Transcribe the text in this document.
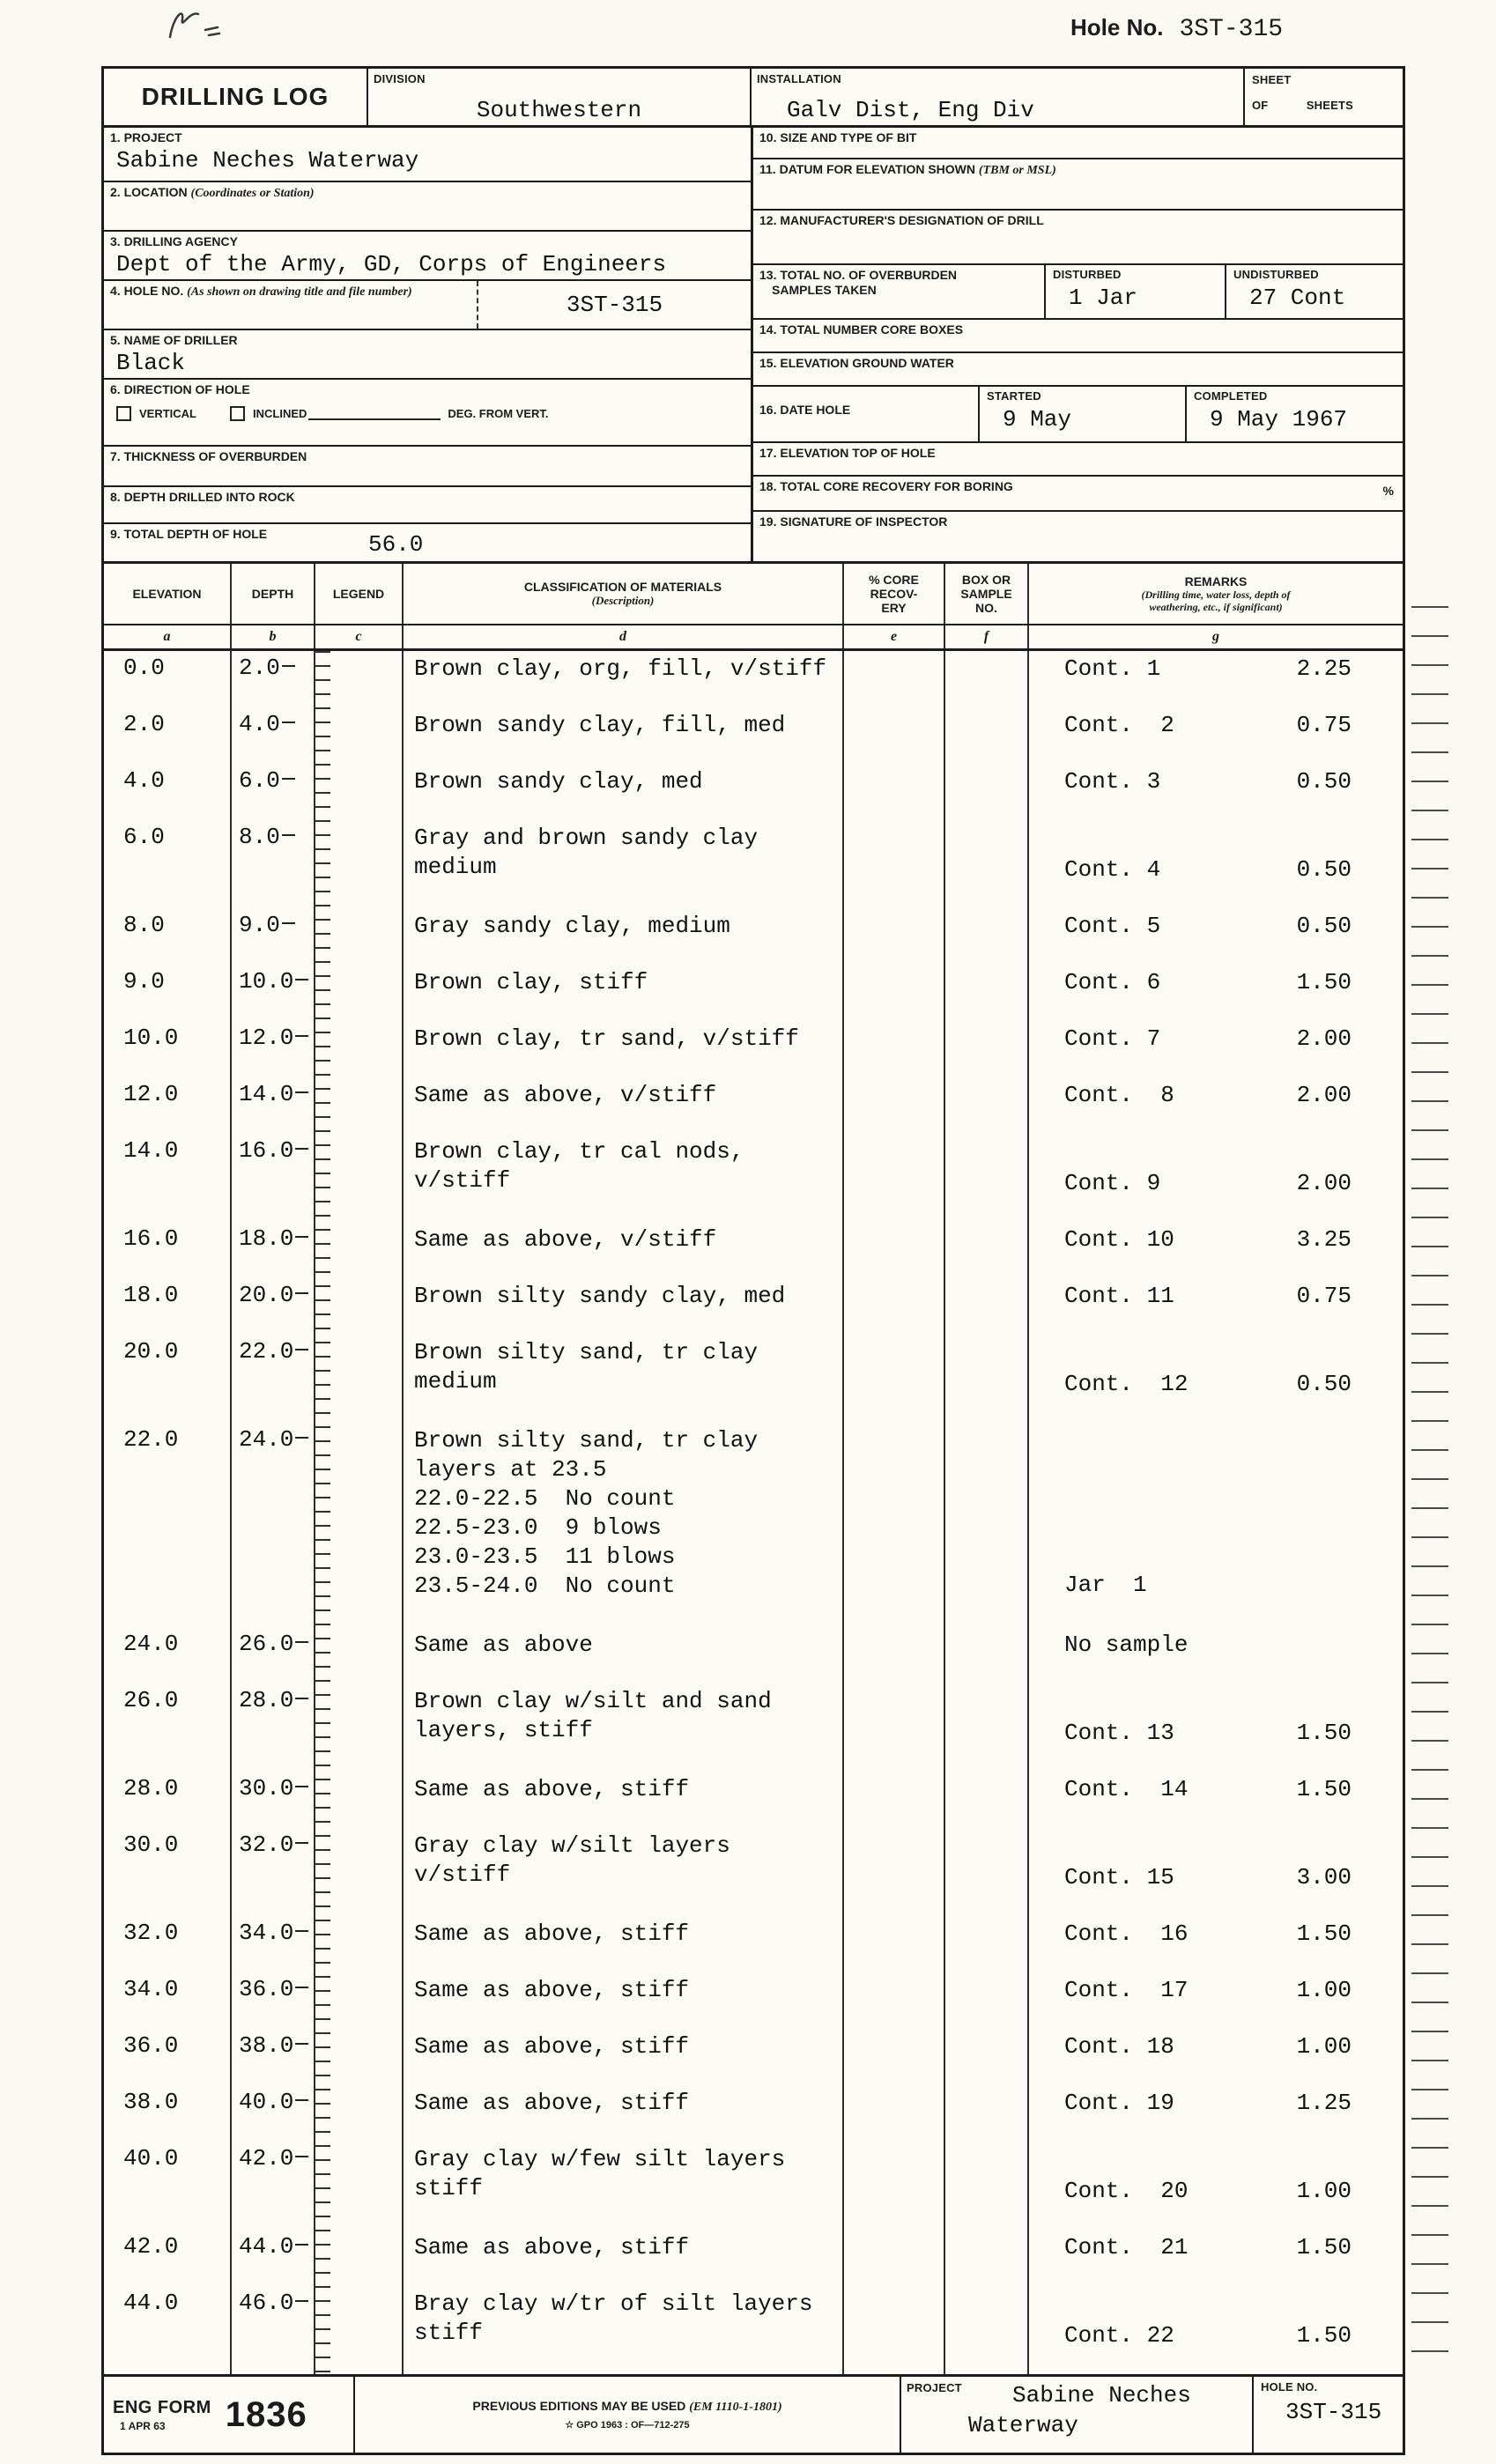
Hole No. 3ST-315
DRILLING LOG
DIVISION
Southwestern
INSTALLATION
Galv Dist, Eng Div
SHEET
OF	SHEETS
1. PROJECT
Sabine Neches Waterway
2. LOCATION (Coordinates or Station)
3. DRILLING AGENCY
Dept of the Army, GD, Corps of Engineers
4. HOLE NO. (As shown on drawing title and file number)	3ST-315
5. NAME OF DRILLER
Black
6. DIRECTION OF HOLE
VERTICAL	INCLINED	DEG. FROM VERT.
7. THICKNESS OF OVERBURDEN
8. DEPTH DRILLED INTO ROCK
9. TOTAL DEPTH OF HOLE	56.0
10. SIZE AND TYPE OF BIT
11. DATUM FOR ELEVATION SHOWN (TBM or MSL)
12. MANUFACTURER'S DESIGNATION OF DRILL
13. TOTAL NO. OF OVERBURDEN
SAMPLES TAKEN
DISTURBED
1 Jar
UNDISTURBED
27 Cont
14. TOTAL NUMBER CORE BOXES
15. ELEVATION GROUND WATER
16. DATE HOLE
STARTED
9 May
COMPLETED
9 May 1967
17. ELEVATION TOP OF HOLE
18. TOTAL CORE RECOVERY FOR BORING	%
19. SIGNATURE OF INSPECTOR
ELEVATION	DEPTH	LEGEND	CLASSIFICATION OF MATERIALS
(Description)
% CORE
RECOV-
ERY
BOX OR
SAMPLE
NO.
REMARKS
(Drilling time, water loss, depth of
weathering, etc., if significant)
a	b	c	d	e	f	g
0.0	2.0	Brown clay, org, fill, v/stiff	Cont. 1	2.25
2.0	4.0	Brown sandy clay, fill, med	Cont.  2	0.75
4.0	6.0	Brown sandy clay, med	Cont. 3	0.50
6.0	8.0	Gray and brown sandy clay
medium	Cont. 4	0.50
8.0	9.0	Gray sandy clay, medium	Cont. 5	0.50
9.0	10.0	Brown clay, stiff	Cont. 6	1.50
10.0	12.0	Brown clay, tr sand, v/stiff	Cont. 7	2.00
12.0	14.0	Same as above, v/stiff	Cont.  8	2.00
14.0	16.0	Brown clay, tr cal nods,
v/stiff	Cont. 9	2.00
16.0	18.0	Same as above, v/stiff	Cont. 10	3.25
18.0	20.0	Brown silty sandy clay, med	Cont. 11	0.75
20.0	22.0	Brown silty sand, tr clay
medium	Cont.  12	0.50
22.0	24.0	Brown silty sand, tr clay
layers at 23.5
22.0-22.5  No count
22.5-23.0  9 blows
23.0-23.5  11 blows
23.5-24.0  No count	Jar  1
24.0	26.0	Same as above	No sample
26.0	28.0	Brown clay w/silt and sand
layers, stiff	Cont. 13	1.50
28.0	30.0	Same as above, stiff	Cont.  14	1.50
30.0	32.0	Gray clay w/silt layers
v/stiff	Cont. 15	3.00
32.0	34.0	Same as above, stiff	Cont.  16	1.50
34.0	36.0	Same as above, stiff	Cont.  17	1.00
36.0	38.0	Same as above, stiff	Cont. 18	1.00
38.0	40.0	Same as above, stiff	Cont. 19	1.25
40.0	42.0	Gray clay w/few silt layers
stiff	Cont.  20	1.00
42.0	44.0	Same as above, stiff	Cont.  21	1.50
44.0	46.0	Bray clay w/tr of silt layers
stiff	Cont. 22	1.50
ENG FORM
1 APR 63	1836	PREVIOUS EDITIONS MAY BE USED (EM 1110-1-1801)
☆ GPO 1963 : OF—712-275
PROJECT Sabine Neches
Waterway
HOLE NO.
3ST-315
